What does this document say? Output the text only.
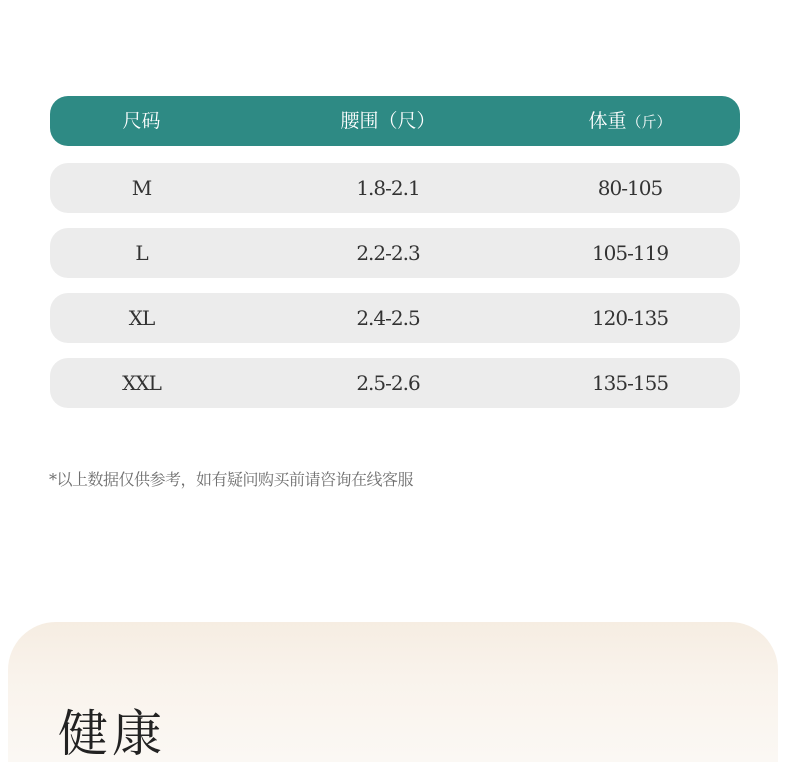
尺码	腰围（尺）	体重（斤）
M	1.8-2.1	80-105
L	2.2-2.3	105-119
XL	2.4-2.5	120-135
XXL	2.5-2.6	135-155
*以上数据仅供参考，如有疑问购买前请咨询在线客服
健康
